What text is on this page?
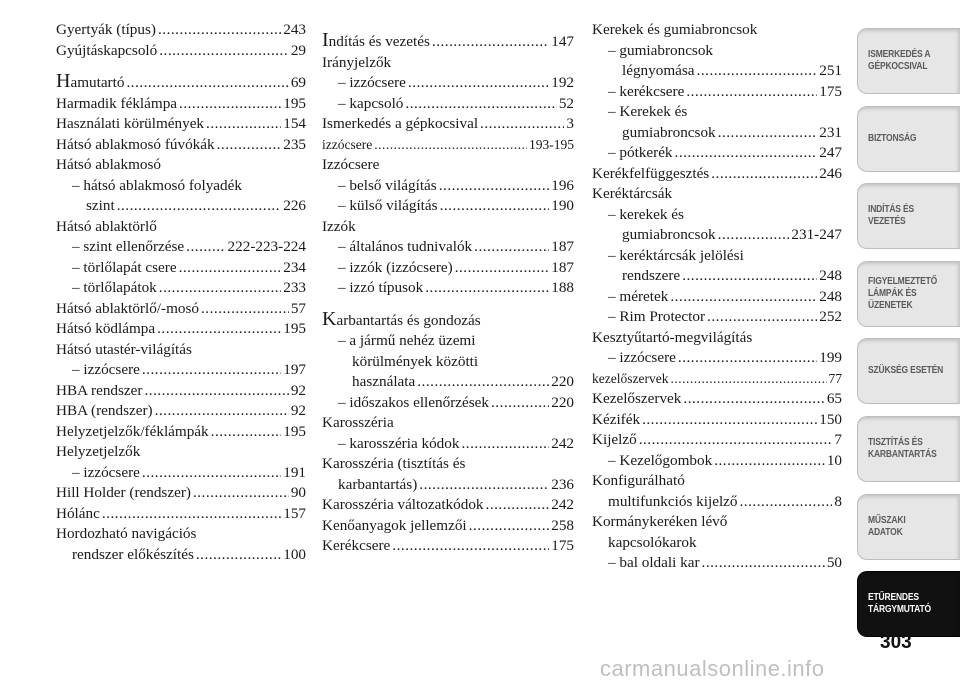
Gyertyák (típus) .....	243
Gyújtáskapcsoló .....	29
Hamutartó .....	69
Harmadik féklámpa .....	195
Használati körülmények .....	154
Hátsó ablakmosó fúvókák .....	235
Hátsó ablakmosó
– hátsó ablakmosó folyadék
szint .....	226
Hátsó ablaktörlő
– szint ellenőrzése .....	222-223-224
– törlőlapát csere .....	234
– törlőlapátok .....	233
Hátsó ablaktörlő/-mosó .....	57
Hátsó ködlámpa .....	195
Hátsó utastér-világítás
– izzócsere .....	197
HBA rendszer .....	92
HBA (rendszer) .....	92
Helyzetjelzők/féklámpák .....	195
Helyzetjelzők
– izzócsere .....	191
Hill Holder (rendszer) .....	90
Hólánc .....	157
Hordozható navigációs
rendszer előkészítés .....	100
Indítás és vezetés .....	147
Irányjelzők
– izzócsere .....	192
– kapcsoló .....	52
Ismerkedés a gépkocsival .....	3
izzócsere .....	193-195
Izzócsere
– belső világítás .....	196
– külső világítás .....	190
Izzók
– általános tudnivalók .....	187
– izzók (izzócsere) .....	187
– izzó típusok .....	188
Karbantartás és gondozás
– a jármű nehéz üzemi
körülmények közötti
használata .....	220
– időszakos ellenőrzések .....	220
Karosszéria
– karosszéria kódok .....	242
Karosszéria (tisztítás és
karbantartás) .....	236
Karosszéria változatkódok .....	242
Kenőanyagok jellemzői .....	258
Kerékcsere .....	175
Kerekek és gumiabroncsok
– gumiabroncsok
légnyomása .....	251
– kerékcsere .....	175
– Kerekek és
gumiabroncsok .....	231
– pótkerék .....	247
Kerékfelfüggesztés .....	246
Keréktárcsák
– kerekek és
gumiabroncsok .....	231-247
– keréktárcsák jelölési
rendszere .....	248
– méretek .....	248
– Rim Protector .....	252
Kesztyűtartó-megvilágítás
– izzócsere .....	199
kezelőszervek .....	77
Kezelőszervek .....	65
Kézifék .....	150
Kijelző .....	7
– Kezelőgombok .....	10
Konfigurálható
multifunkciós kijelző .....	8
Kormánykeréken lévő
kapcsolókarok
– bal oldali kar .....	50
ISMERKEDÉS A
GÉPKOCSIVAL
BIZTONSÁG
INDÍTÁS ÉS
VEZETÉS
FIGYELMEZTETŐ
LÁMPÁK ÉS
ÜZENETEK
SZÜKSÉG ESETÉN
TISZTÍTÁS ÉS
KARBANTARTÁS
MŰSZAKI
ADATOK
ETŰRENDES
TÁRGYMUTATÓ
303
carmanualsonline.info
